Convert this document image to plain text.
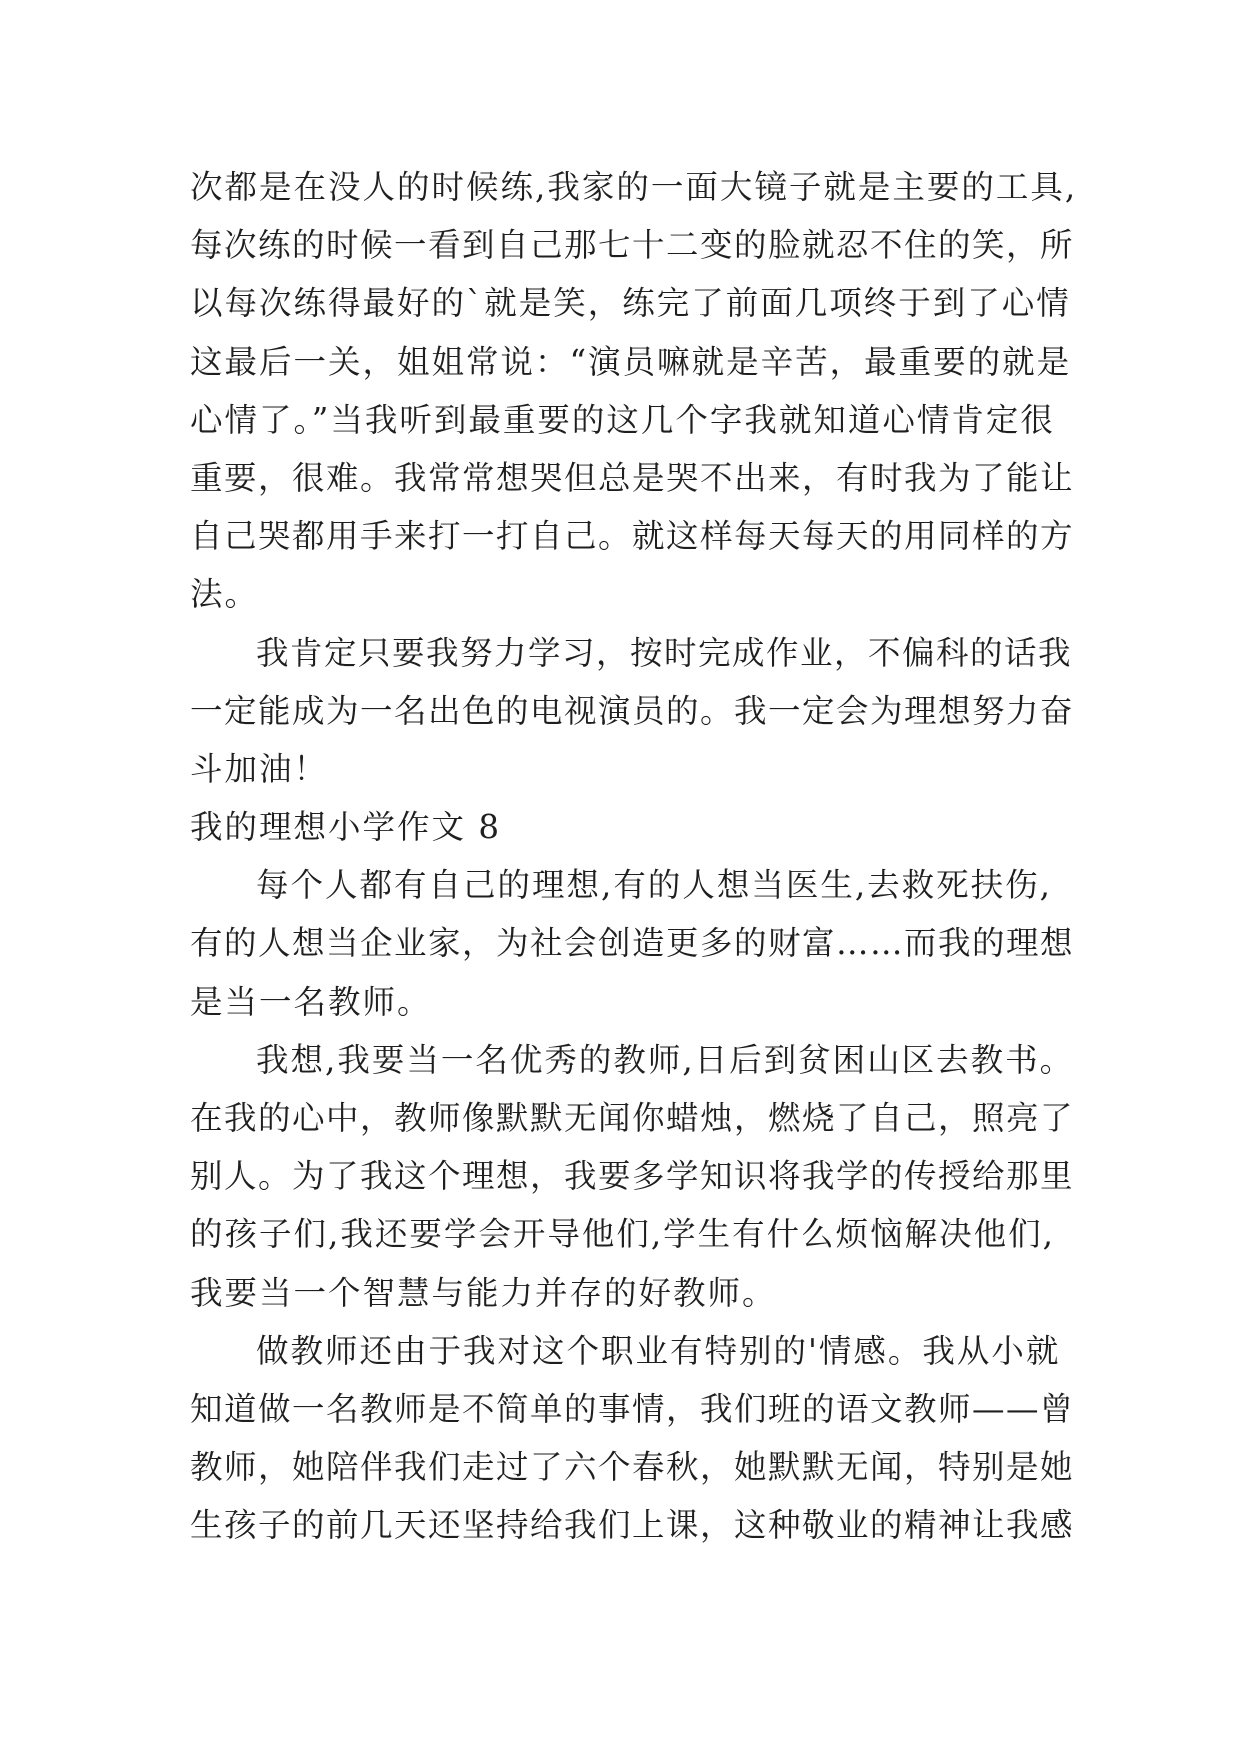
次都是在没人的时候练,我家的一面大镜子就是主要的工具,
每次练的时候一看到自己那七十二变的脸就忍不住的笑，所
以每次练得最好的`就是笑，练完了前面几项终于到了心情
这最后一关，姐姐常说：“演员嘛就是辛苦，最重要的就是
心情了。”当我听到最重要的这几个字我就知道心情肯定很
重要，很难。我常常想哭但总是哭不出来，有时我为了能让
自己哭都用手来打一打自己。就这样每天每天的用同样的方
法。
我肯定只要我努力学习，按时完成作业，不偏科的话我
一定能成为一名出色的电视演员的。我一定会为理想努力奋
斗加油！
我的理想小学作文 8
每个人都有自己的理想,有的人想当医生,去救死扶伤,
有的人想当企业家，为社会创造更多的财富……而我的理想
是当一名教师。
我想,我要当一名优秀的教师,日后到贫困山区去教书。
在我的心中，教师像默默无闻你蜡烛，燃烧了自己，照亮了
别人。为了我这个理想，我要多学知识将我学的传授给那里
的孩子们,我还要学会开导他们,学生有什么烦恼解决他们,
我要当一个智慧与能力并存的好教师。
做教师还由于我对这个职业有特别的'情感。我从小就
知道做一名教师是不简单的事情，我们班的语文教师——曾
教师，她陪伴我们走过了六个春秋，她默默无闻，特别是她
生孩子的前几天还坚持给我们上课，这种敬业的精神让我感
